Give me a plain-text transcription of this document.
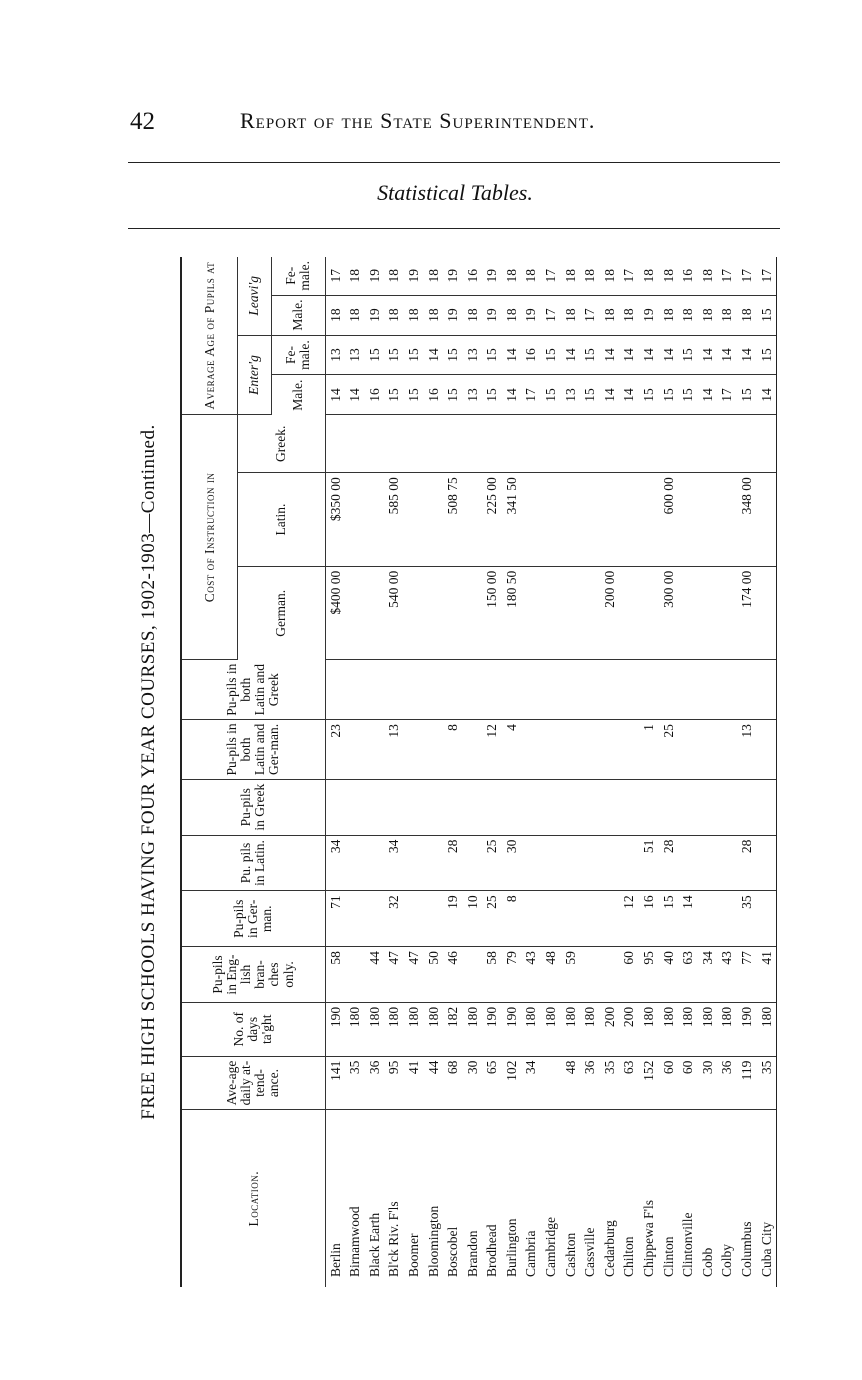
42	Report of the State Superintendent.
Statistical Tables.
FREE HIGH SCHOOLS HAVING FOUR YEAR COURSES, 1902-1903—Continued.
Location.	Ave-age daily at-tend-ance.	No. of days ta'ght	Pu-pils in Eng-lish bran-ches only.	Pu-pils in Ger-man.	Pu. pils in Latin.	Pu-pils in Greek	Pu-pils in both Latin and Ger-man.	Pu-pils in both Latin and Greek	Cost of Instruction in			Average Age of Pupils at			
									German.	Latin.	Greek.	Enter'g		Leavi'g	
												Male.	Fe-male.	Male.	Fe-male.
Berlin	141	190	58	71	34		23		$400 00	$350 00		14	13	18	17
Birnamwood	35	180										14	13	18	18
Black Earth	36	180	44									16	15	19	19
Bl'ck Riv. F'ls	95	180	47	32	34		13		540 00	585 00		15	15	18	18
Boomer	41	180	47									15	15	18	19
Bloomington	44	180	50									16	14	18	18
Boscobel	68	182	46	19	28		8			508 75		15	15	19	19
Brandon	30	180		10								13	13	18	16
Brodhead	65	190	58	25	25		12		150 00	225 00		15	15	19	19
Burlington	102	190	79	8	30		4		180 50	341 50		14	14	18	18
Cambria	34	180	43									17	16	19	18
Cambridge		180	48									15	15	17	17
Cashton	48	180	59									13	14	18	18
Cassville	36	180										15	15	17	18
Cedarburg	35	200							200 00			14	14	18	18
Chilton	63	200	60	12								14	14	18	17
Chippewa F'ls	152	180	95	16	51		1					15	14	19	18
Clinton	60	180	40	15	28		25		300 00	600 00		15	14	18	18
Clintonville	60	180	63	14								15	15	18	16
Cobb	30	180	34									14	14	18	18
Colby	36	180	43									17	14	18	17
Columbus	119	190	77	35	28		13		174 00	348 00		15	14	18	17
Cuba City	35	180	41									14	15	15	17
